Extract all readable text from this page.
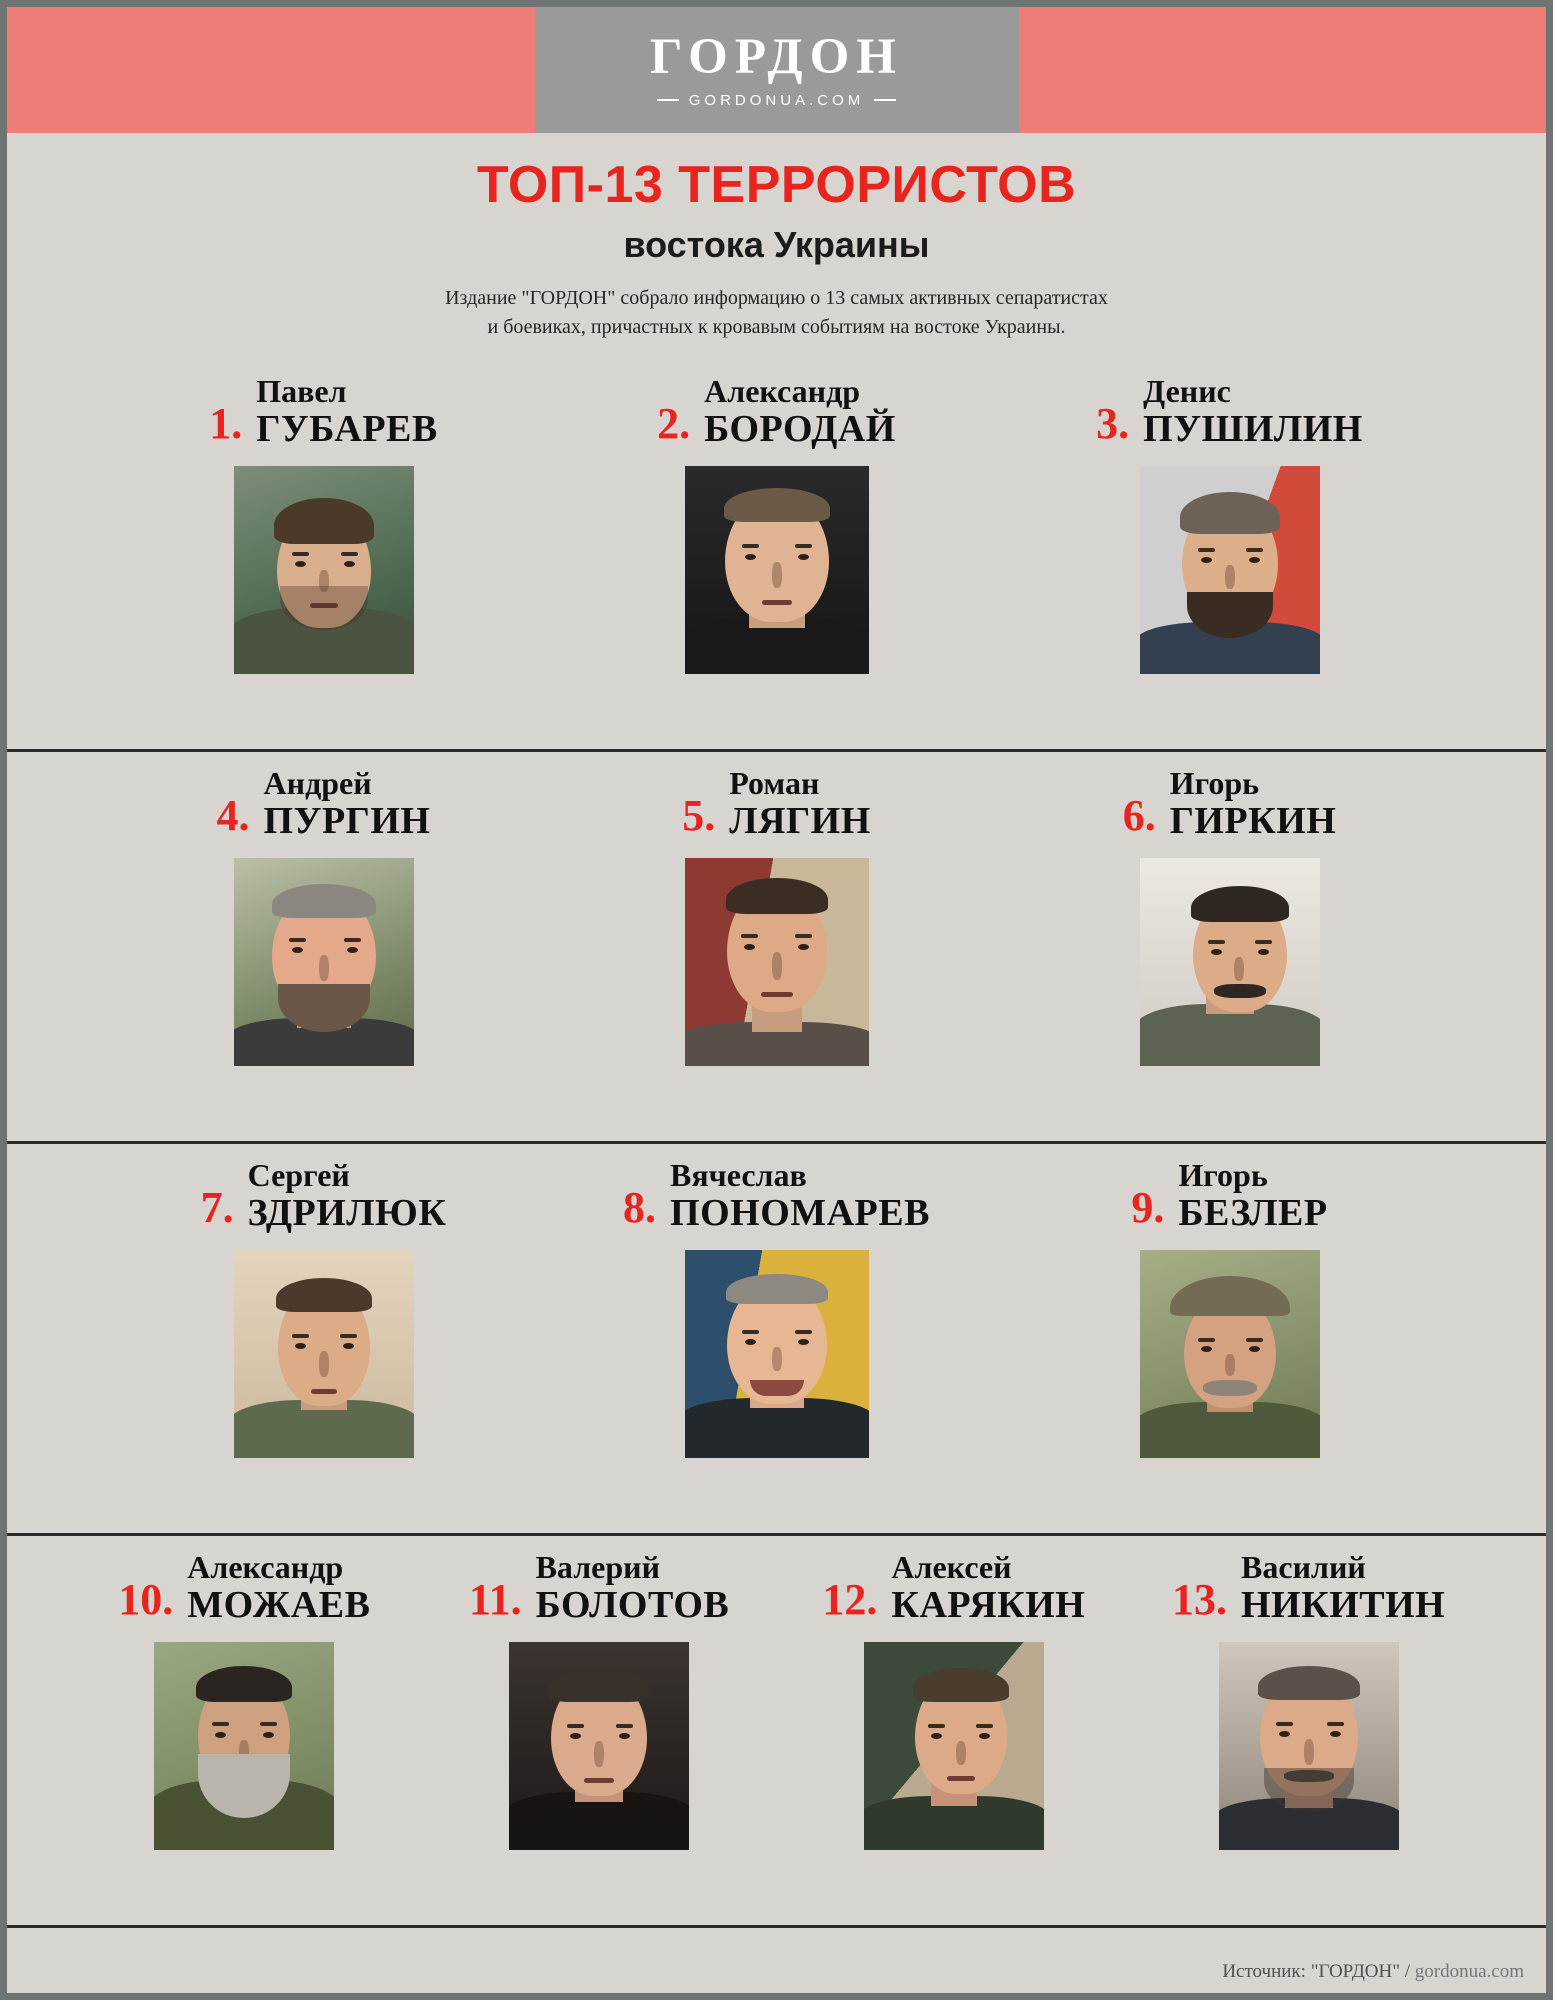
ГОРДОН
GORDONUA.COM
ТОП-13 ТЕРРОРИСТОВ
востока Украины
Издание "ГОРДОН" собрало информацию о 13 самых активных сепаратистах
и боевиках, причастных к кровавым событиям на востоке Украины.
1.
Павел
ГУБАРЕВ	2.
Александр
БОРОДАЙ	3.
Денис
ПУШИЛИН
4.
Андрей
ПУРГИН	5.
Роман
ЛЯГИН	6.
Игорь
ГИРКИН
7.
Сергей
ЗДРИЛЮК	8.
Вячеслав
ПОНОМАРЕВ	9.
Игорь
БЕЗЛЕР
10.
Александр
МОЖАЕВ 11.
Валерий
БОЛОТОВ 12.
Алексей
КАРЯКИН 13.
Василий
НИКИТИН
Источник: "ГОРДОН" / gordonua.com
